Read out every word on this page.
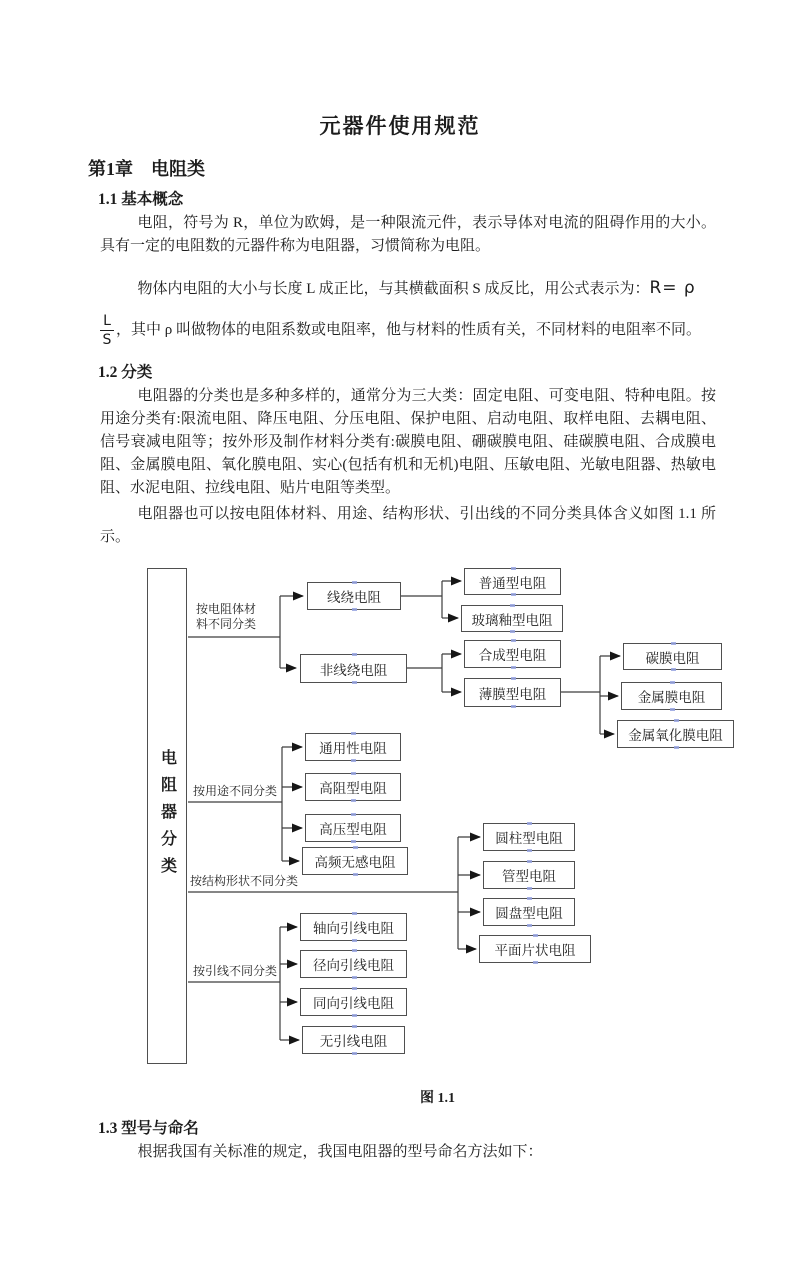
元器件使用规范
第1章　电阻类
1.1 基本概念

电阻，符号为 R，单位为欧姆，是一种限流元件，表示导体对电流的阻碍作用的大小。具有一定的电阻数的元器件称为电阻器，习惯简称为电阻。

物体内电阻的大小与长度 L 成正比，与其横截面积 S 成反比，用公式表示为：R= ρ

$\frac{L}{S}$ ，其中 ρ 叫做物体的电阻系数或电阻率，他与材料的性质有关，不同材料的电阻率不同。
1.2 分类

电阻器的分类也是多种多样的，通常分为三大类：固定电阻、可变电阻、特种电阻。按用途分类有:限流电阻、降压电阻、分压电阻、保护电阻、启动电阻、取样电阻、去耦电阻、信号衰减电阻等；按外形及制作材料分类有:碳膜电阻、硼碳膜电阻、硅碳膜电阻、合成膜电阻、金属膜电阻、氧化膜电阻、实心(包括有机和无机)电阻、压敏电阻、光敏电阻器、热敏电阻、水泥电阻、拉线电阻、贴片电阻等类型。

电阻器也可以按电阻体材料、用途、结构形状、引出线的不同分类具体含义如图 1.1 所示。

电阻器分类
按电阻体材料不同分类
按用途不同分类
按结构形状不同分类
按引线不同分类
线绕电阻
非线绕电阻
普通型电阻
玻璃釉型电阻
合成型电阻
薄膜型电阻
碳膜电阻
金属膜电阻
金属氧化膜电阻
通用性电阻
高阻型电阻
高压型电阻
高频无感电阻
圆柱型电阻
管型电阻
圆盘型电阻
平面片状电阻
轴向引线电阻
径向引线电阻
同向引线电阻
无引线电阻
图 1.1
1.3 型号与命名

根据我国有关标准的规定，我国电阻器的型号命名方法如下：
